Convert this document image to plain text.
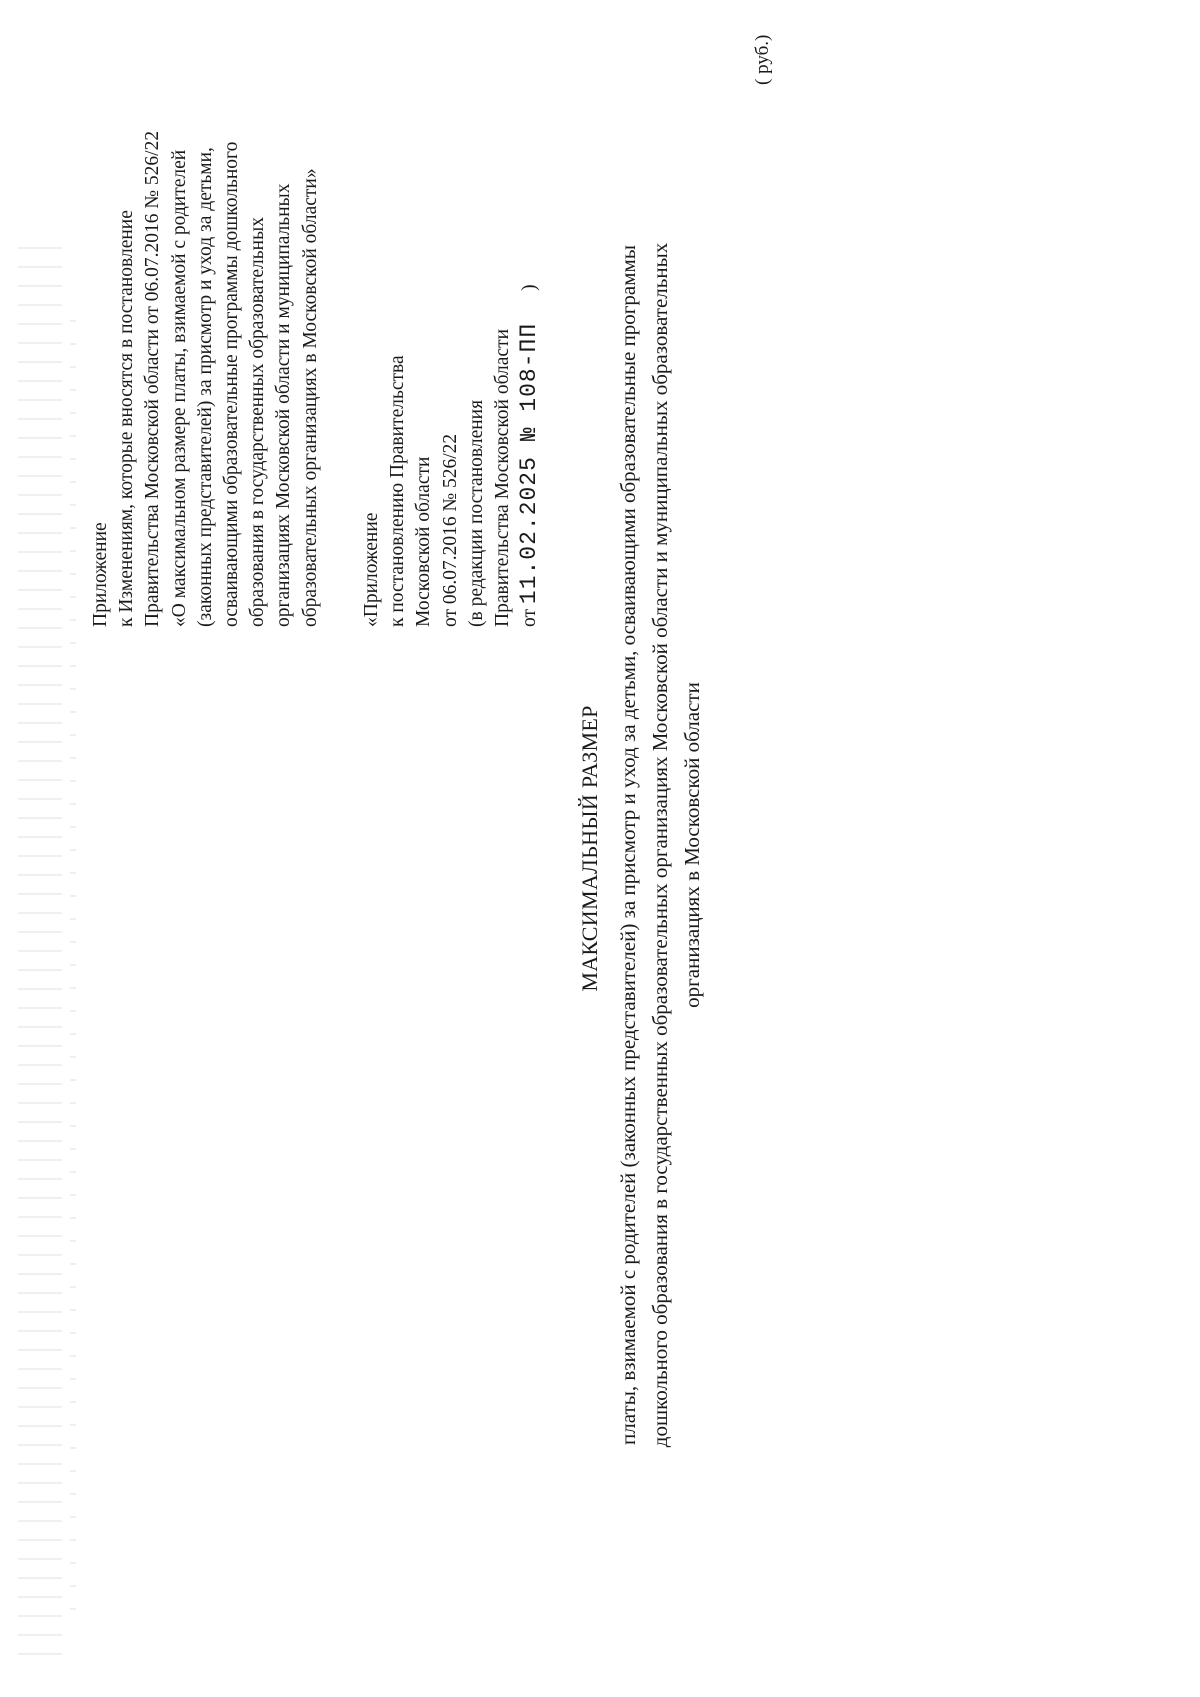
Приложение к Изменениям, которые вносятся в постановление Правительства Московской области от 06.07.2016 № 526/22 «О максимальном размере платы, взимаемой с родителей (законных представителей) за присмотр и уход за детьми, осваивающими образовательные программы дошкольного образования в государственных образовательных организациях Московской области и муниципальных образовательных организациях в Московской области» «Приложение к постановлению Правительства Московской области от 06.07.2016 № 526/22 (в редакции постановления Правительства Московской области от 11.02.2025 № 108-ПП)
МАКСИМАЛЬНЫЙ РАЗМЕР платы, взимаемой с родителей (законных представителей) за присмотр и уход за детьми, осваивающими образовательные программы дошкольного образования в государственных образовательных организациях Московской области и муниципальных образовательных организациях в Московской области
( руб.)
